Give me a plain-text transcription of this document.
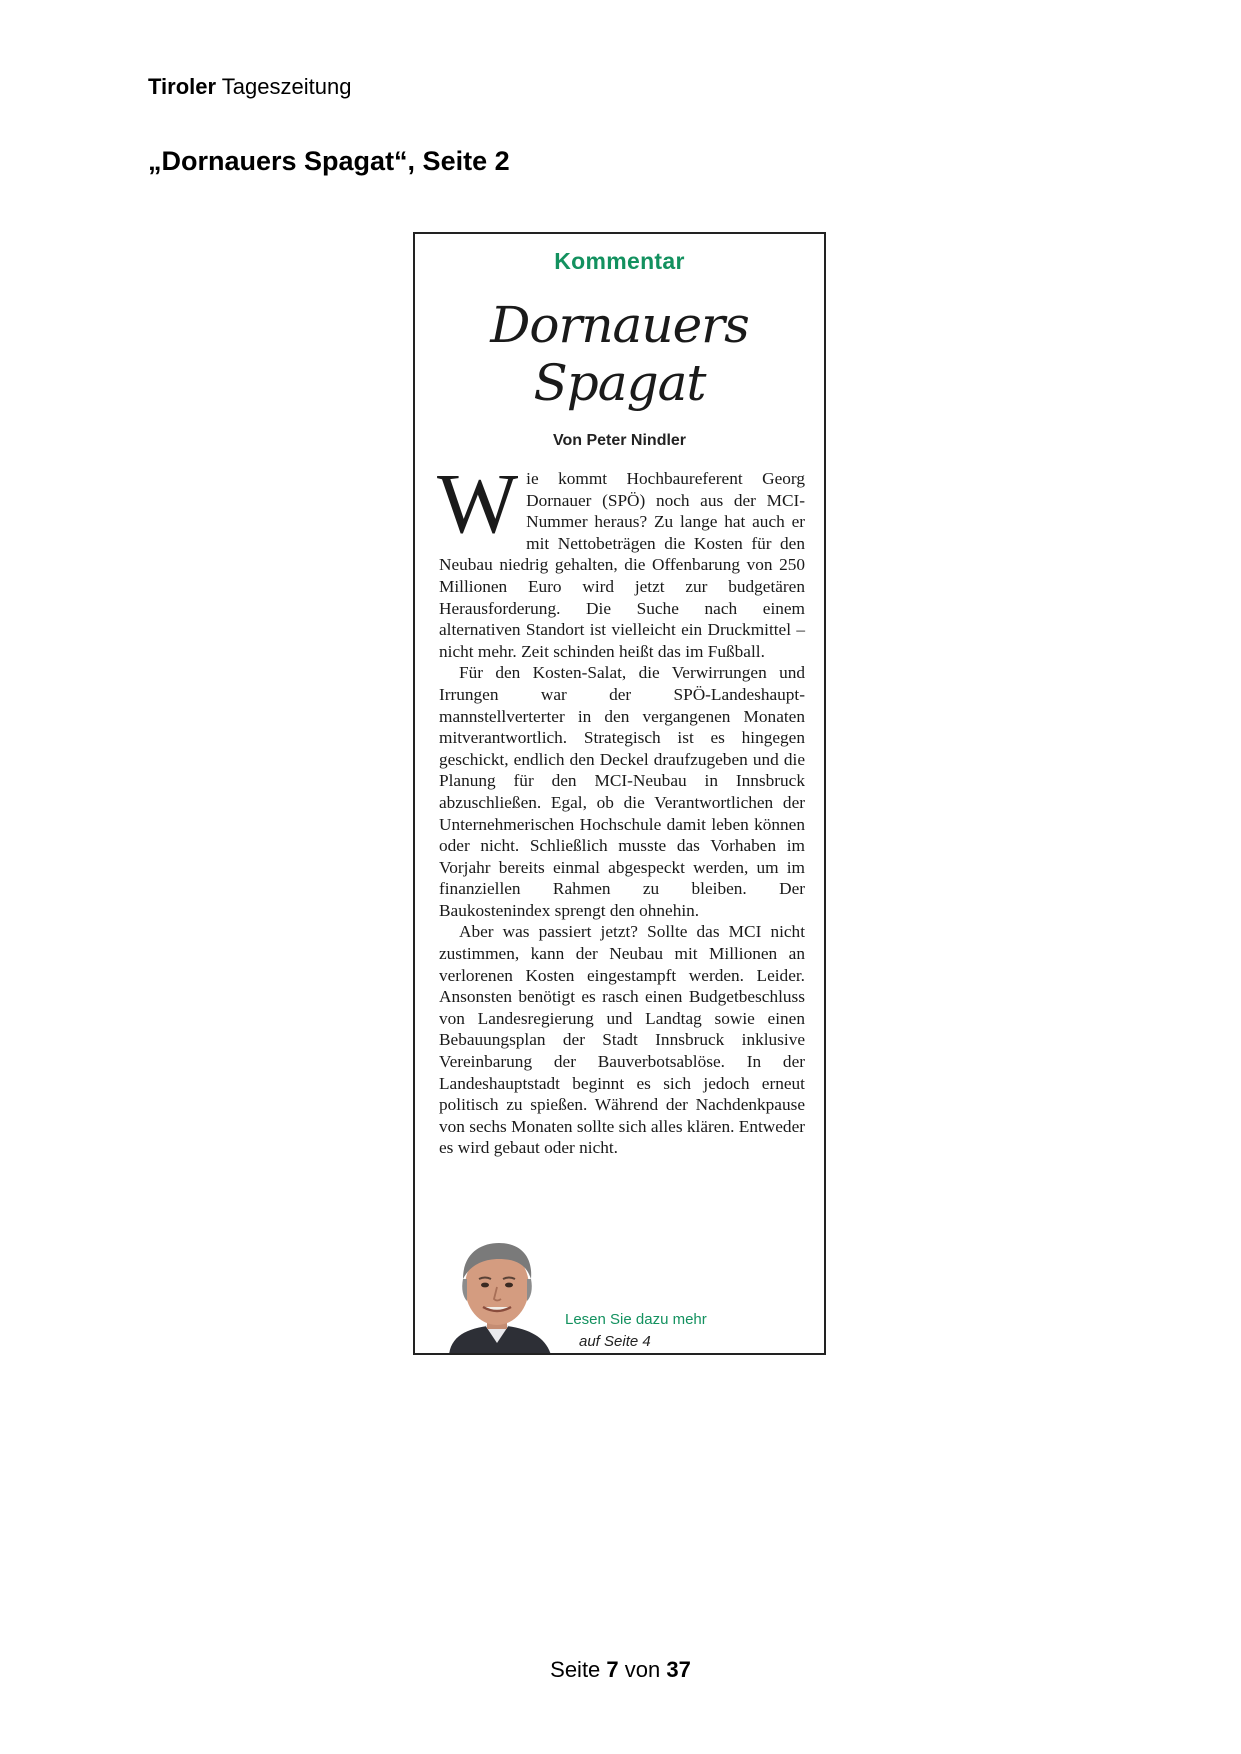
Tiroler Tageszeitung
„Dornauers Spagat“, Seite 2
Kommentar
Dornauers
Spagat
Von Peter Nindler
W ie kommt Hochbaureferent Georg Dornauer (SPÖ) noch aus der MCI-Nummer heraus? Zu lange hat auch er mit Nettobeträgen die Kosten für den Neubau niedrig gehalten, die Offenbarung von 250 Millionen Euro wird jetzt zur budgetären Herausforderung. Die Suche nach einem alternativen Standort ist vielleicht ein Druckmittel – nicht mehr. Zeit schinden heißt das im Fußball.

Für den Kosten-Salat, die Verwirrungen und Irrungen war der SPÖ-Landeshauptmannstellverterter in den vergangenen Monaten mitverantwortlich. Strategisch ist es hingegen geschickt, endlich den Deckel draufzugeben und die Planung für den MCI-Neubau in Innsbruck abzuschließen. Egal, ob die Verantwortlichen der Unternehmerischen Hochschule damit leben können oder nicht. Schließlich musste das Vorhaben im Vorjahr bereits einmal abgespeckt werden, um im finanziellen Rahmen zu bleiben. Der Baukostenindex sprengt den ohnehin.

Aber was passiert jetzt? Sollte das MCI nicht zustimmen, kann der Neubau mit Millionen an verlorenen Kosten eingestampft werden. Leider. Ansonsten benötigt es rasch einen Budgetbeschluss von Landesregierung und Landtag sowie einen Bebauungsplan der Stadt Innsbruck inklusive Vereinbarung der Bauverbotsablöse. In der Landeshauptstadt beginnt es sich jedoch erneut politisch zu spießen. Während der Nachdenkpause von sechs Monaten sollte sich alles klären. Entweder es wird gebaut oder nicht.

Lesen Sie dazu mehr
auf Seite 4
Seite 7 von 37
